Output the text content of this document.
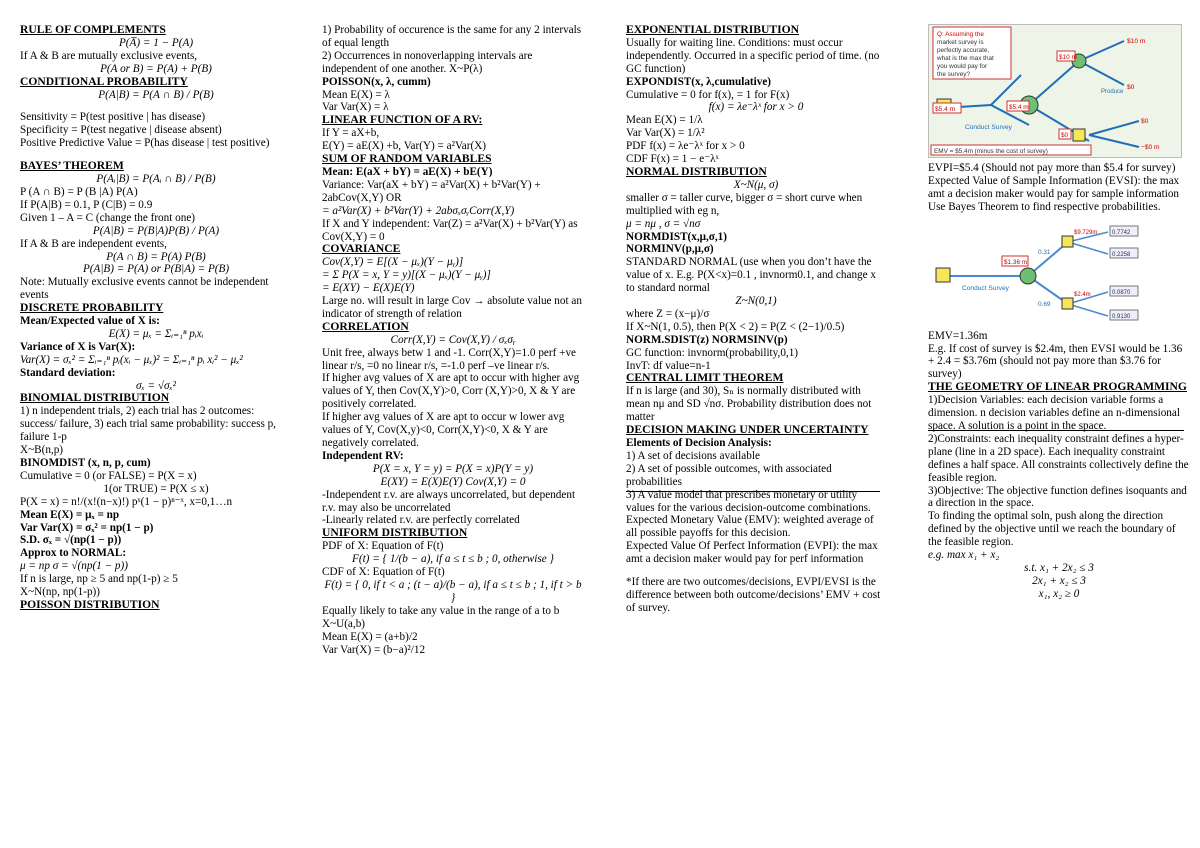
RULE OF COMPLEMENTS
P(A̅) = 1 − P(A)
If A & B are mutually exclusive events,
P(A or B) = P(A) + P(B)
CONDITIONAL PROBABILITY
P(A|B) = P(A ∩ B) / P(B)
Sensitivity = P(test positive | has disease)
Specificity = P(test negative | disease absent)
Positive Predictive Value = P(has disease | test positive)
BAYES’ THEOREM
P(Aᵢ|B) = P(Aᵢ ∩ B) / P(B)
P (A ∩ B) = P (B |A) P(A)
If P(A|B) = 0.1, P (C|B) = 0.9
Given 1 – A = C (change the front one)
P(A|B) = P(B|A)P(B) / P(A)
If A & B are independent events,
P(A ∩ B) = P(A) P(B)
P(A|B) = P(A) or P(B|A) = P(B)
Note: Mutually exclusive events cannot be independent events
DISCRETE PROBABILITY
Mean/Expected value of X is:
E(X) = μₓ = Σᵢ₌₁ⁿ pᵢxᵢ
Variance of X is Var(X):
Var(X) = σₓ² = Σᵢ₌₁ⁿ pᵢ(xᵢ − μₓ)² = Σᵢ₌₁ⁿ pᵢ xᵢ² − μₓ²
Standard deviation:
σₓ = √σₓ²
BINOMIAL DISTRIBUTION
1) n independent trials, 2) each trial has 2 outcomes: success/ failure, 3) each trial same probability: success p, failure 1-p
X~B(n,p)
BINOMDIST (x, n, p, cum)
Cumulative = 0 (or FALSE) = P(X = x)
1(or TRUE) = P(X ≤ x)
P(X = x) = n!/(x!(n−x)!) pˣ(1 − p)ⁿ⁻ˣ, x=0,1…n
Mean E(X) = μₓ = np
Var Var(X) = σₓ² = np(1 − p)
S.D. σₓ = √(np(1 − p))
Approx to NORMAL:
μ = np σ = √(np(1 − p))
If n is large, np ≥ 5 and np(1-p) ≥ 5
X~N(np, np(1-p))
POISSON DISTRIBUTION
1) Probability of occurence is the same for any 2 intervals of equal length
2) Occurrences in nonoverlapping intervals are independent of one another. X~P(λ)
POISSON(x, λ, cumm)
Mean E(X) = λ
Var Var(X) = λ
LINEAR FUNCTION OF A RV:
If Y = aX+b,
E(Y) = aE(X) +b, Var(Y) = a²Var(X)
SUM OF RANDOM VARIABLES
Mean: E(aX + bY) = aE(X) + bE(Y)
Variance: Var(aX + bY) = a²Var(X) + b²Var(Y) + 2abCov(X,Y) OR
= a²Var(X) + b²Var(Y) + 2abσₓσᵧCorr(X,Y)
If X and Y independent: Var(Z) = a²Var(X) + b²Var(Y) as Cov(X,Y) = 0
COVARIANCE
Cov(X,Y) = E[(X − μₓ)(Y − μᵧ)]
= Σ P(X = x, Y = y)[(X − μₓ)(Y − μᵧ)]
= E(XY) − E(X)E(Y)
Large no. will result in large Cov → absolute value not an indicator of strength of relation
CORRELATION
Corr(X,Y) = Cov(X,Y) / σₓσᵧ
Unit free, always betw 1 and -1. Corr(X,Y)=1.0 perf +ve linear r/s, =0 no linear r/s, =-1.0 perf –ve linear r/s.
If higher avg values of X are apt to occur with higher avg values of Y, then Cov(X,Y)>0, Corr (X,Y)>0, X & Y are positively correlated.
If higher avg values of X are apt to occur w lower avg values of Y, Cov(X,y)<0, Corr(X,Y)<0, X & Y are negatively correlated.
Independent RV:
P(X = x, Y = y) = P(X = x)P(Y = y)
E(XY) = E(X)E(Y) Cov(X,Y) = 0
-Independent r.v. are always uncorrelated, but dependent r.v. may also be uncorrelated
-Linearly related r.v. are perfectly correlated
UNIFORM DISTRIBUTION
PDF of X: Equation of F(t)
F(t) = { 1/(b − a), if a ≤ t ≤ b ; 0, otherwise }
CDF of X: Equation of F(t)
F(t) = { 0, if t < a ; (t − a)/(b − a), if a ≤ t ≤ b ; 1, if t > b }
Equally likely to take any value in the range of a to b X~U(a,b)
Mean E(X) = (a+b)/2
Var Var(X) = (b−a)²/12
EXPONENTIAL DISTRIBUTION
Usually for waiting line. Conditions: must occur independently. Occurred in a specific period of time. (no GC function)
EXPONDIST(x, λ,cumulative)
Cumulative = 0 for f(x), = 1 for F(x)
f(x) = λe⁻λˣ for x > 0
Mean E(X) = 1/λ
Var Var(X) = 1/λ²
PDF f(x) = λe⁻λˣ for x > 0
CDF F(x) = 1 − e⁻λˣ
NORMAL DISTRIBUTION
X~N(μ, σ)
smaller σ = taller curve, bigger σ = short curve when multiplied with eg n,
μ = nμ , σ = √nσ
NORMDIST(x,μ,σ,1)
NORMINV(p,μ,σ)
STANDARD NORMAL (use when you don’t have the value of x. E.g. P(X<x)=0.1 , invnorm0.1, and change x to standard normal
Z~N(0,1)
where Z = (x−μ)/σ
If X~N(1, 0.5), then P(X < 2) = P(Z < (2−1)/0.5)
NORM.SDIST(z) NORMSINV(p)
GC function: invnorm(probability,0,1)
InvT: df value=n-1
CENTRAL LIMIT THEOREM
If n is large (and 30), Sₙ is normally distributed with mean nμ and SD √nσ. Probability distribution does not matter
DECISION MAKING UNDER UNCERTAINTY
Elements of Decision Analysis:
1) A set of decisions available
2) A set of possible outcomes, with associated probabilities
3) A value model that prescribes monetary or utility values for the various decision-outcome combinations.
Expected Monetary Value (EMV): weighted average of all possible payoffs for this decision.
Expected Value Of Perfect Information (EVPI): the max amt a decision maker would pay for perf information
*If there are two outcomes/decisions, EVPI/EVSI is the difference between both outcome/decisions’ EMV + cost of survey.
Q: Assuming the
market survey is
perfectly accurate,
what is the max that
you would pay for
the survey?
$5.4 m
Conduct Survey
$5.4 m
$10 m
$0
$10 m
$0
$0
−$0 m
Produce
EMV = $5.4m (minus the cost of survey)
EVPI=$5.4 (Should not pay more than $5.4 for survey)
Expected Value of Sample Information (EVSI): the max amt a decision maker would pay for sample information
Use Bayes Theorem to find respective probabilities.
$1.36 m
Conduct Survey
0.31
0.69
$9.729m
$2.4m
0.7742
0.2258
0.0870
0.9130
EMV=1.36m
E.g. If cost of survey is $2.4m, then EVSI would be 1.36 + 2.4 = $3.76m (should not pay more than $3.76 for survey)
THE GEOMETRY OF LINEAR PROGRAMMING
1)Decision Variables: each decision variable forms a dimension. n decision variables define an n-dimensional space. A solution is a point in the space.
2)Constraints: each inequality constraint defines a hyper-plane (line in a 2D space). Each inequality constraint defines a half space. All constraints collectively define the feasible region.
3)Objective: The objective function defines isoquants and a direction in the space.
To finding the optimal soln, push along the direction defined by the objective until we reach the boundary of the feasible region.
e.g. max x₁ + x₂
s.t. x₁ + 2x₂ ≤ 3
2x₁ + x₂ ≤ 3
x₁, x₂ ≥ 0
